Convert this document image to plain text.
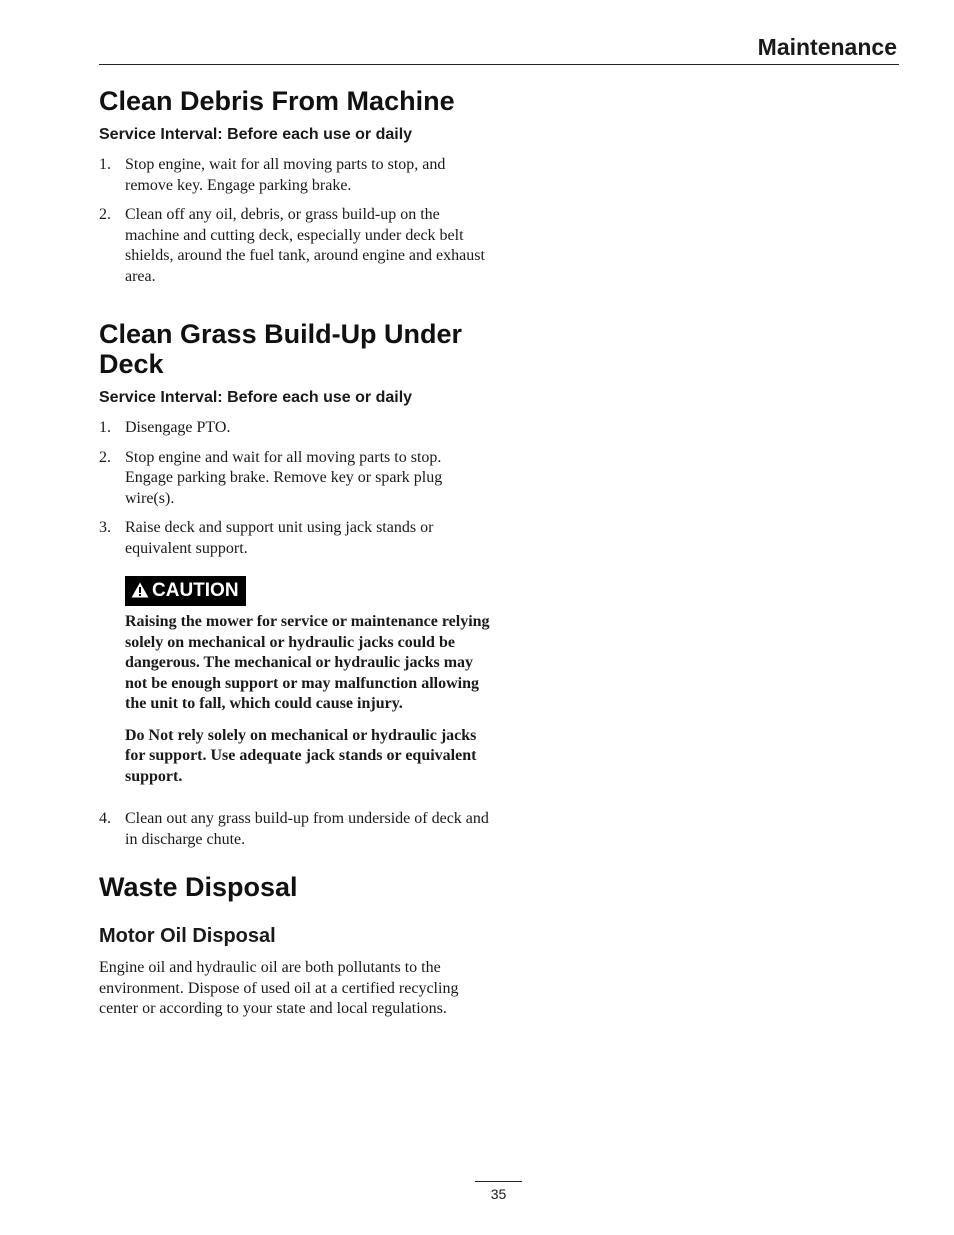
Maintenance
Clean Debris From Machine

Service Interval: Before each use or daily

1. Stop engine, wait for all moving parts to stop, and remove key. Engage parking brake.
2. Clean off any oil, debris, or grass build-up on the machine and cutting deck, especially under deck belt shields, around the fuel tank, around engine and exhaust area.
Clean Grass Build-Up Under Deck

Service Interval: Before each use or daily

1. Disengage PTO.
2. Stop engine and wait for all moving parts to stop. Engage parking brake. Remove key or spark plug wire(s).
3. Raise deck and support unit using jack stands or equivalent support.
CAUTION

Raising the mower for service or maintenance relying solely on mechanical or hydraulic jacks could be dangerous. The mechanical or hydraulic jacks may not be enough support or may malfunction allowing the unit to fall, which could cause injury.

Do Not rely solely on mechanical or hydraulic jacks for support. Use adequate jack stands or equivalent support.

4. Clean out any grass build-up from underside of deck and in discharge chute.
Waste Disposal
Motor Oil Disposal

Engine oil and hydraulic oil are both pollutants to the environment. Dispose of used oil at a certified recycling center or according to your state and local regulations.

35
